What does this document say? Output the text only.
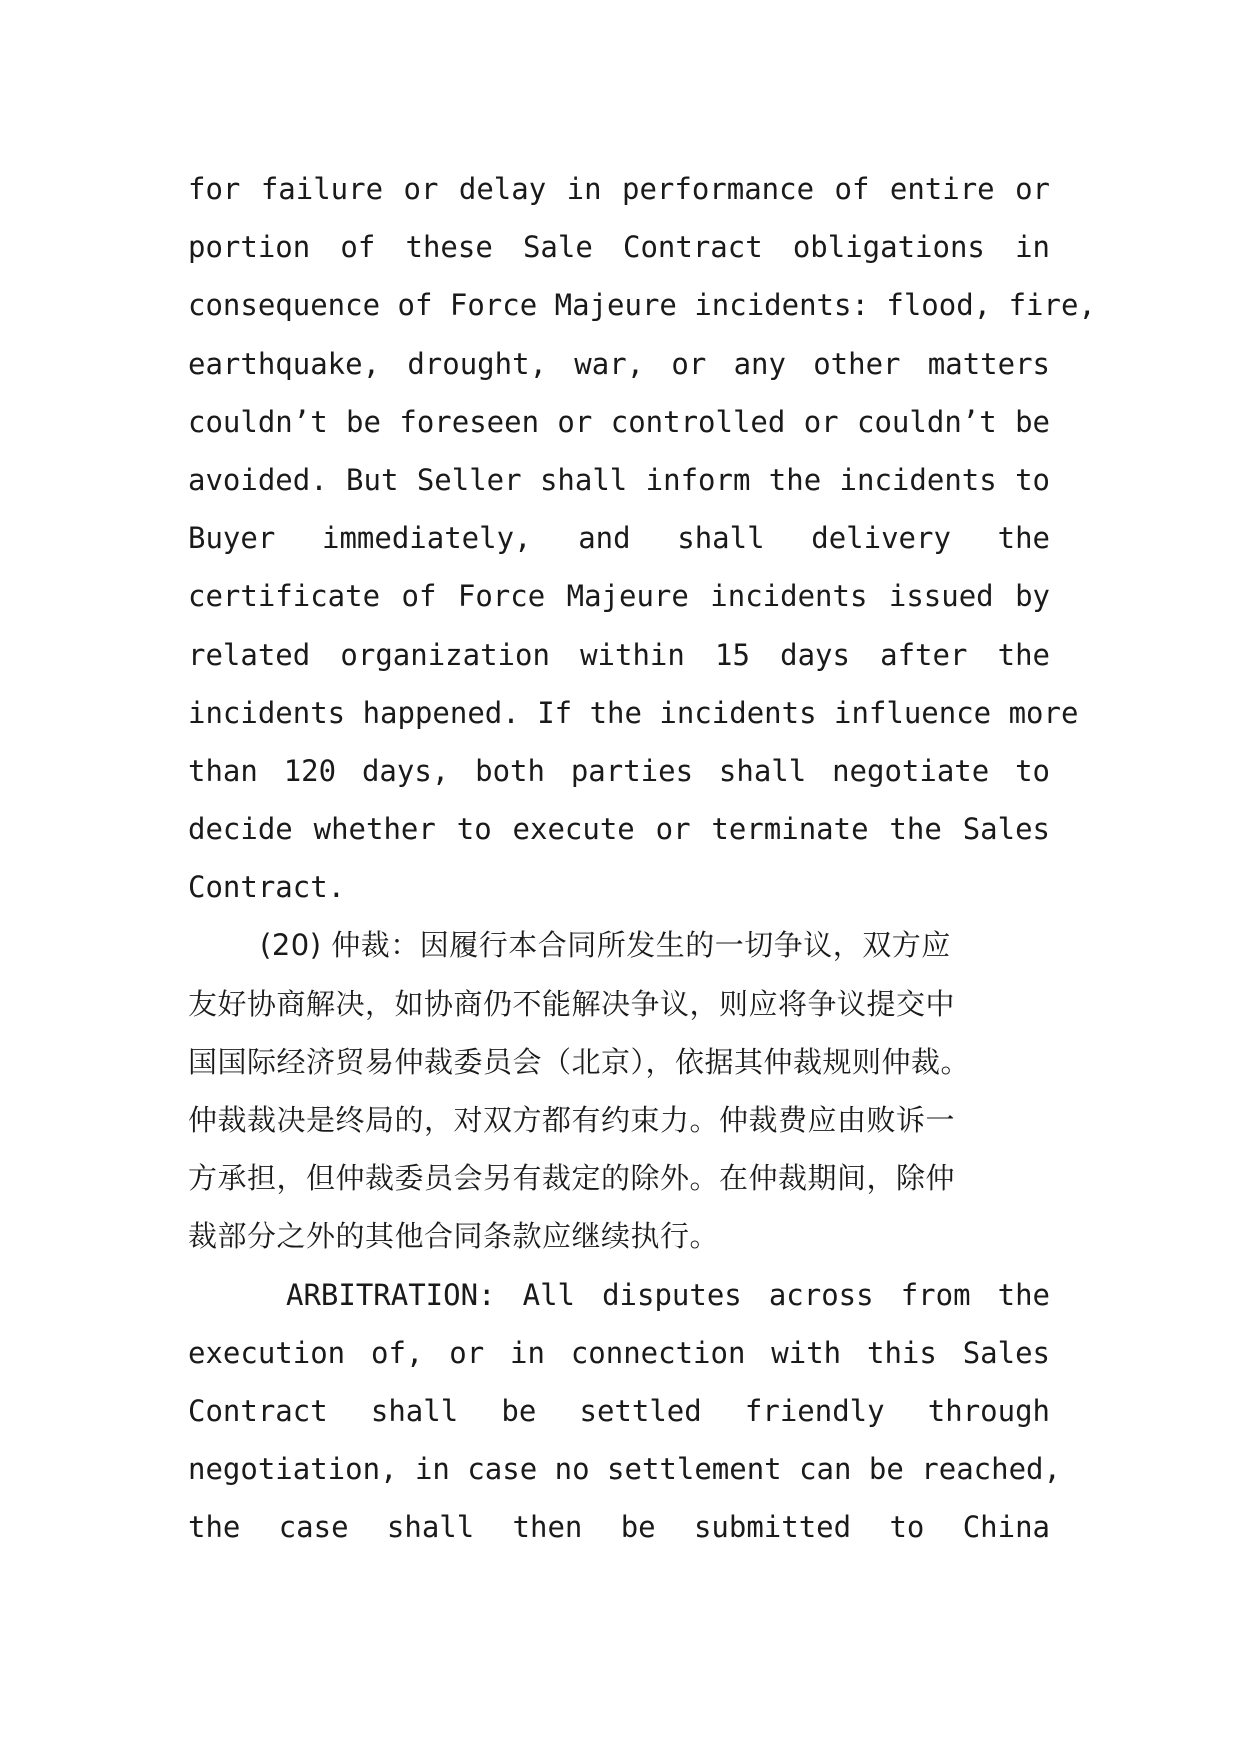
for failure or delay in performance of entire or
portion of these Sale Contract obligations in
consequence of Force Majeure incidents: flood, fire,
earthquake, drought, war, or any other matters
couldn’t be foreseen or controlled or couldn’t be
avoided. But Seller shall inform the incidents to
Buyer immediately, and shall delivery the
certificate of Force Majeure incidents issued by
related organization within 15 days after the
incidents happened. If the incidents influence more
than 120 days, both parties shall negotiate to
decide whether to execute or terminate the Sales
Contract.
(20) 仲裁：因履行本合同所发生的一切争议，双方应
友好协商解决，如协商仍不能解决争议，则应将争议提交中
国国际经济贸易仲裁委员会（北京），依据其仲裁规则仲裁。
仲裁裁决是终局的，对双方都有约束力。仲裁费应由败诉一
方承担，但仲裁委员会另有裁定的除外。在仲裁期间，除仲
裁部分之外的其他合同条款应继续执行。
ARBITRATION: All disputes across from the
execution of, or in connection with this Sales
Contract shall be settled friendly through
negotiation, in case no settlement can be reached,
the case shall then be submitted to China
